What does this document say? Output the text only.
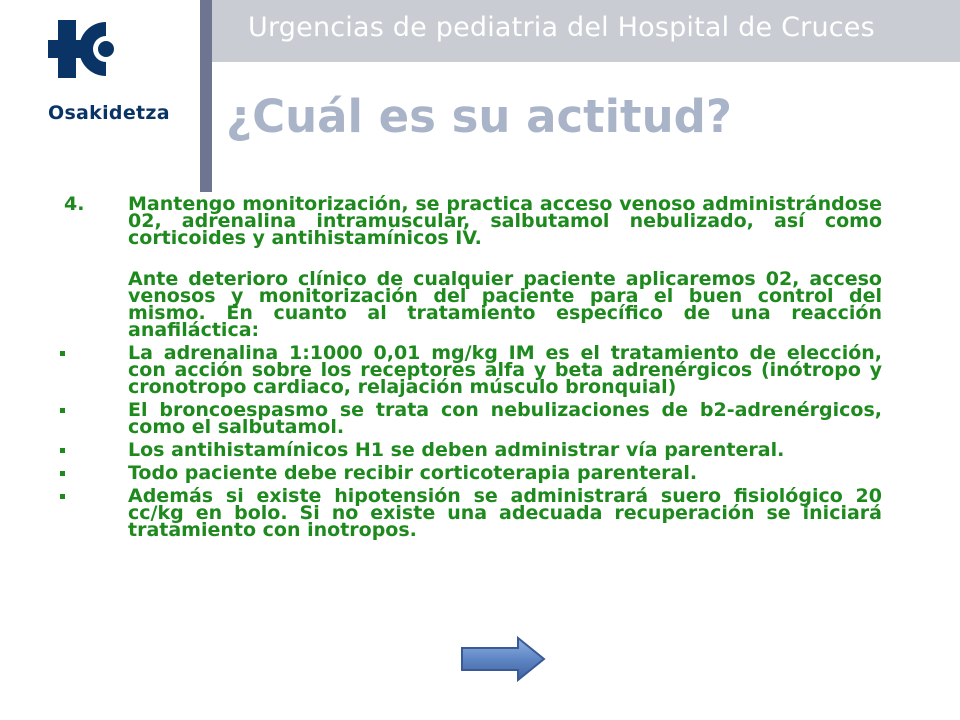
Urgencias de pediatria del Hospital de Cruces
Osakidetza ¿Cuál es su actitud?
4.	Mantengo monitorización, se practica acceso venoso administrándose 02, adrenalina intramuscular, salbutamol nebulizado, así como corticoides y antihistamínicos IV.
Ante deterioro clínico de cualquier paciente aplicaremos 02, acceso venosos y monitorización del paciente para el buen control del mismo. En cuanto al tratamiento específico de una reacción anafiláctica:
La adrenalina 1:1000 0,01 mg/kg IM es el tratamiento de elección, con acción sobre los receptores alfa y beta adrenérgicos (inótropo y cronotropo cardiaco, relajación músculo bronquial)
El broncoespasmo se trata con nebulizaciones de b2-adrenérgicos, como el salbutamol.
Los antihistamínicos H1 se deben administrar vía parenteral.
Todo paciente debe recibir corticoterapia parenteral.
Además si existe hipotensión se administrará suero fisiológico 20 cc/kg en bolo. Si no existe una adecuada recuperación se iniciará tratamiento con inotropos.
